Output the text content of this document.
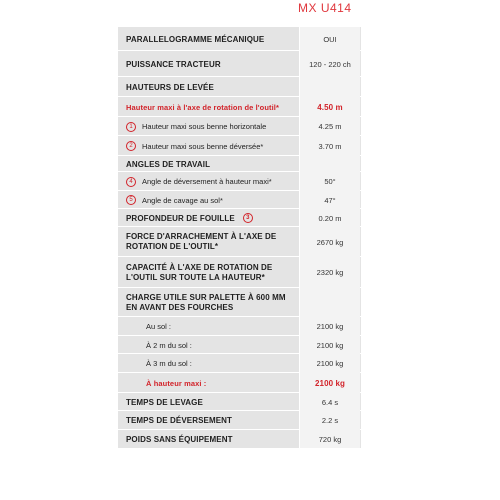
MX U414
PARALLELOGRAMME MÉCANIQUE	OUI
PUISSANCE TRACTEUR	120 - 220 ch
HAUTEURS DE LEVÉE
Hauteur maxi à l'axe de rotation de l'outil*	4.50 m
1	Hauteur maxi sous benne horizontale	4.25 m
2	Hauteur maxi sous benne déversée*	3.70 m
ANGLES DE TRAVAIL
4	Angle de déversement à hauteur maxi*	50°
5	Angle de cavage au sol*	47°
PROFONDEUR DE FOUILLE	3	0.20 m
FORCE D'ARRACHEMENT À L'AXE DE ROTATION DE L'OUTIL*	2670 kg
CAPACITÉ À L'AXE DE ROTATION DE L'OUTIL SUR TOUTE LA HAUTEUR*	2320 kg
CHARGE UTILE SUR PALETTE À 600 MM EN AVANT DES FOURCHES
Au sol :	2100 kg
À 2 m du sol :	2100 kg
À 3 m du sol :	2100 kg
À hauteur maxi :	2100 kg
TEMPS DE LEVAGE	6.4 s
TEMPS DE DÉVERSEMENT	2.2 s
POIDS SANS ÉQUIPEMENT	720 kg
